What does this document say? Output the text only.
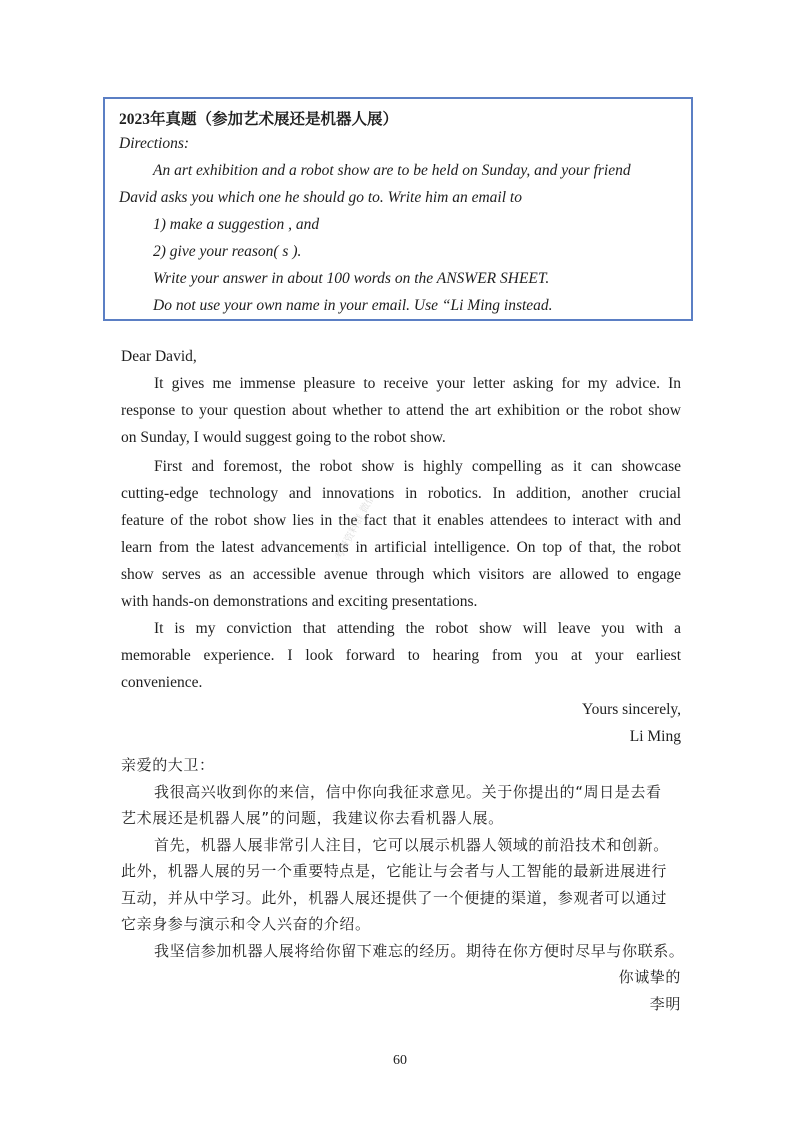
2023年真题（参加艺术展还是机器人展）
Directions:
An art exhibition and a robot show are to be held on Sunday, and your friend
David asks you which one he should go to. Write him an email to
1) make a suggestion , and
2) give your reason( s ).
Write your answer in about 100 words on the ANSWER SHEET.
Do not use your own name in your email. Use “Li Ming instead.
Dear David,
It gives me immense pleasure to receive your letter asking for my advice. In
response to your question about whether to attend the art exhibition or the robot show
on Sunday, I would suggest going to the robot show.
First and foremost, the robot show is highly compelling as it can showcase
cutting-edge technology and innovations in robotics. In addition, another crucial
feature of the robot show lies in the fact that it enables attendees to interact with and
learn from the latest advancements in artificial intelligence. On top of that, the robot
show serves as an accessible avenue through which visitors are allowed to engage
with hands-on demonstrations and exciting presentations.
It is my conviction that attending the robot show will leave you with a
memorable experience. I look forward to hearing from you at your earliest
convenience.
Yours sincerely,
Li Ming
亲爱的大卫：
我很高兴收到你的来信，信中你向我征求意见。关于你提出的“周日是去看
艺术展还是机器人展”的问题，我建议你去看机器人展。
首先，机器人展非常引人注目，它可以展示机器人领域的前沿技术和创新。
此外，机器人展的另一个重要特点是，它能让与会者与人工智能的最新进展进行
互动，并从中学习。此外，机器人展还提供了一个便捷的渠道，参观者可以通过
它亲身参与演示和令人兴奋的介绍。
我坚信参加机器人展将给你留下难忘的经历。期待在你方便时尽早与你联系。
你诚挚的
李明
考研资料群 微信
60
